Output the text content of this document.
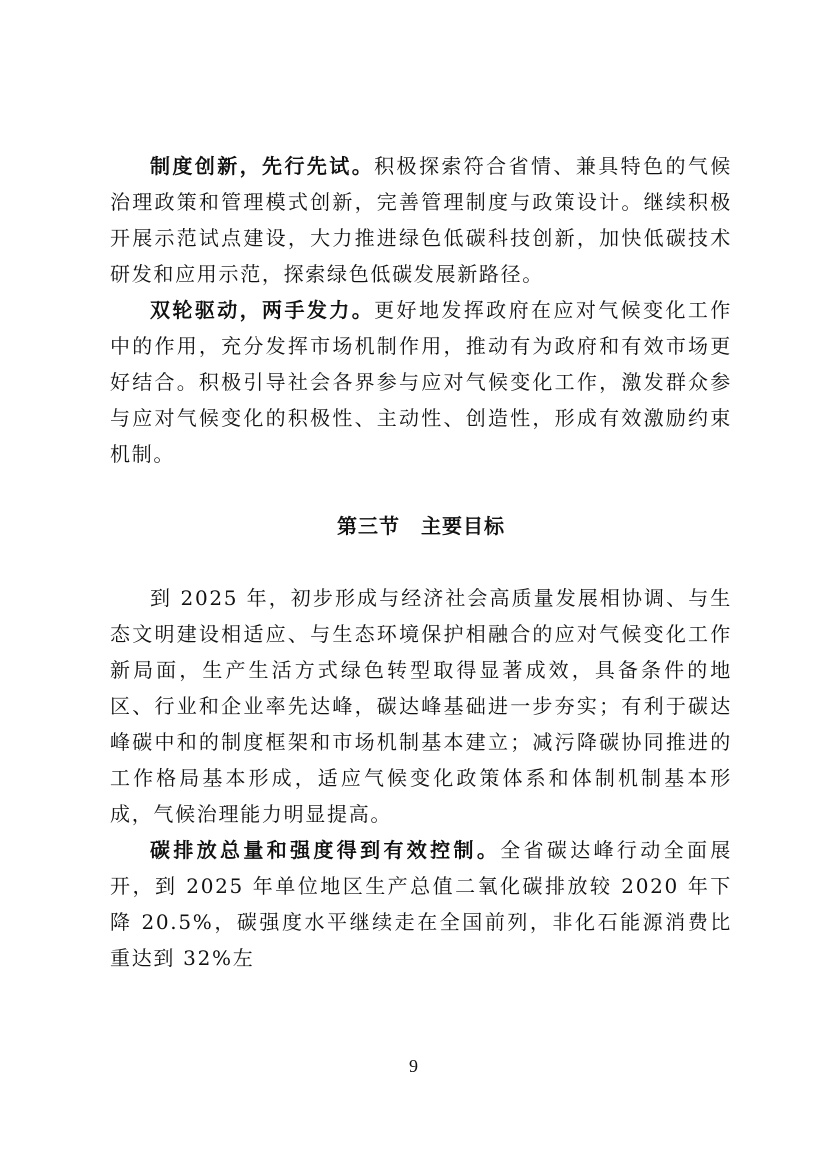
制度创新，先行先试。积极探索符合省情、兼具特色的气候治理政策和管理模式创新，完善管理制度与政策设计。继续积极开展示范试点建设，大力推进绿色低碳科技创新，加快低碳技术研发和应用示范，探索绿色低碳发展新路径。

双轮驱动，两手发力。更好地发挥政府在应对气候变化工作中的作用，充分发挥市场机制作用，推动有为政府和有效市场更好结合。积极引导社会各界参与应对气候变化工作，激发群众参与应对气候变化的积极性、主动性、创造性，形成有效激励约束机制。

第三节　主要目标

到 2025 年，初步形成与经济社会高质量发展相协调、与生态文明建设相适应、与生态环境保护相融合的应对气候变化工作新局面，生产生活方式绿色转型取得显著成效，具备条件的地区、行业和企业率先达峰，碳达峰基础进一步夯实；有利于碳达峰碳中和的制度框架和市场机制基本建立；减污降碳协同推进的工作格局基本形成，适应气候变化政策体系和体制机制基本形成，气候治理能力明显提高。

碳排放总量和强度得到有效控制。全省碳达峰行动全面展开，到 2025 年单位地区生产总值二氧化碳排放较 2020 年下降 20.5%，碳强度水平继续走在全国前列，非化石能源消费比重达到 32%左

9
